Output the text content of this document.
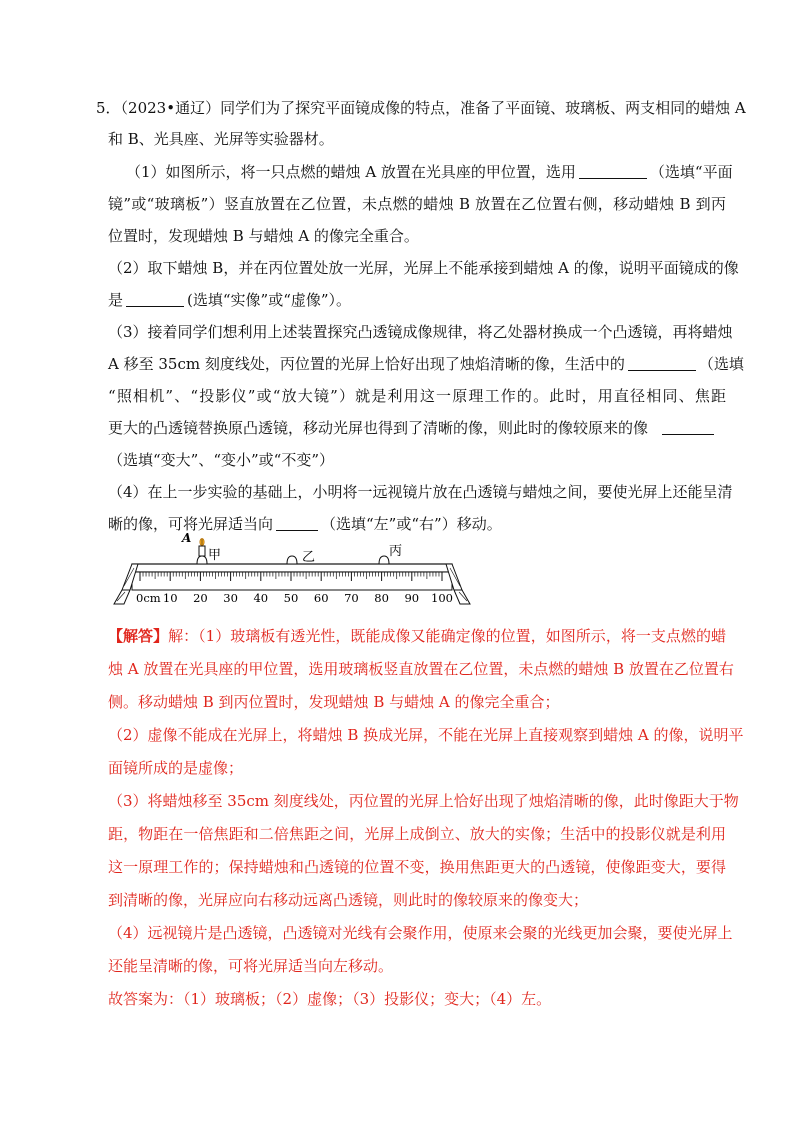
5．（2023•通辽）同学们为了探究平面镜成像的特点，准备了平面镜、玻璃板、两支相同的蜡烛 A
和 B、光具座、光屏等实验器材。
（1）如图所示，将一只点燃的蜡烛 A 放置在光具座的甲位置，选用	（选填“平面
镜”或“玻璃板”）竖直放置在乙位置，未点燃的蜡烛 B 放置在乙位置右侧，移动蜡烛 B 到丙
位置时，发现蜡烛 B 与蜡烛 A 的像完全重合。
（2）取下蜡烛 B，并在丙位置处放一光屏，光屏上不能承接到蜡烛 A 的像，说明平面镜成的像
是	(选填“实像”或“虚像”）。
（3）接着同学们想利用上述装置探究凸透镜成像规律，将乙处器材换成一个凸透镜，再将蜡烛
A 移至 35cm 刻度线处，丙位置的光屏上恰好出现了烛焰清晰的像，生活中的	（选填
“照相机”、“投影仪”或“放大镜”）就是利用这一原理工作的。此时，用直径相同、焦距
更大的凸透镜替换原凸透镜，移动光屏也得到了清晰的像，则此时的像较原来的像
（选填“变大”、“变小”或“不变”）
（4）在上一步实验的基础上，小明将一远视镜片放在凸透镜与蜡烛之间，要使光屏上还能呈清
晰的像，可将光屏适当向	（选填“左”或“右”）移动。
A
甲	乙	丙
0cm 10 20 30 40 50 60 70 80 90 100
【解答】解：（1）玻璃板有透光性，既能成像又能确定像的位置，如图所示，将一支点燃的蜡
烛 A 放置在光具座的甲位置，选用玻璃板竖直放置在乙位置，未点燃的蜡烛 B 放置在乙位置右
侧。移动蜡烛 B 到丙位置时，发现蜡烛 B 与蜡烛 A 的像完全重合；
（2）虚像不能成在光屏上，将蜡烛 B 换成光屏，不能在光屏上直接观察到蜡烛 A 的像，说明平
面镜所成的是虚像；
（3）将蜡烛移至 35cm 刻度线处，丙位置的光屏上恰好出现了烛焰清晰的像，此时像距大于物
距，物距在一倍焦距和二倍焦距之间，光屏上成倒立、放大的实像；生活中的投影仪就是利用
这一原理工作的；保持蜡烛和凸透镜的位置不变，换用焦距更大的凸透镜，使像距变大，要得
到清晰的像，光屏应向右移动远离凸透镜，则此时的像较原来的像变大；
（4）远视镜片是凸透镜，凸透镜对光线有会聚作用，使原来会聚的光线更加会聚，要使光屏上
还能呈清晰的像，可将光屏适当向左移动。
故答案为：（1）玻璃板；（2）虚像；（3）投影仪；变大；（4）左。
